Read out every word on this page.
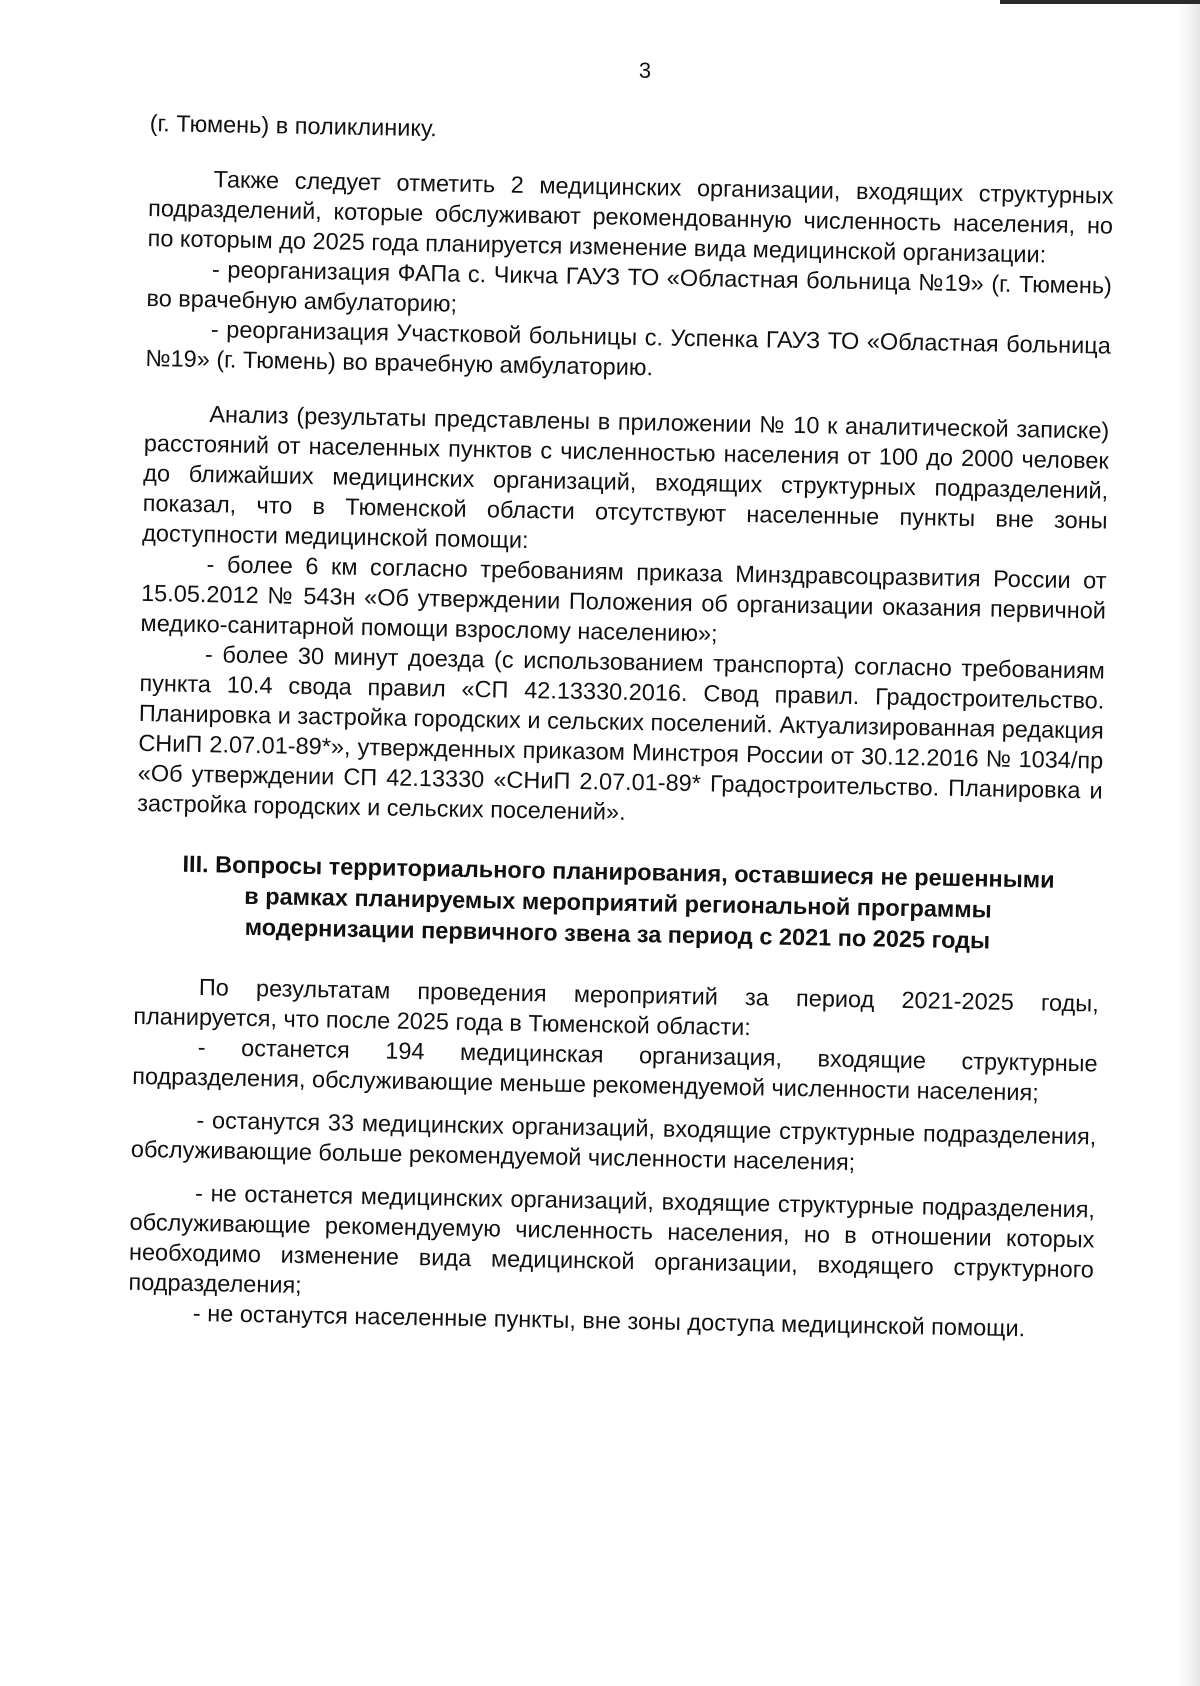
3

(г. Тюмень) в поликлинику.

Также следует отметить 2 медицинских организации, входящих структурных подразделений, которые обслуживают рекомендованную численность населения, но по которым до 2025 года планируется изменение вида медицинской организации:

- реорганизация ФАПа с. Чикча ГАУЗ ТО «Областная больница №19» (г. Тюмень) во врачебную амбулаторию;

- реорганизация Участковой больницы с. Успенка ГАУЗ ТО «Областная больница №19» (г. Тюмень) во врачебную амбулаторию.

Анализ (результаты представлены в приложении № 10 к аналитической записке) расстояний от населенных пунктов с численностью населения от 100 до 2000 человек до ближайших медицинских организаций, входящих структурных подразделений, показал, что в Тюменской области отсутствуют населенные пункты вне зоны доступности медицинской помощи:

- более 6 км согласно требованиям приказа Минздравсоцразвития России от 15.05.2012 № 543н «Об утверждении Положения об организации оказания первичной медико-санитарной помощи взрослому населению»;

- более 30 минут доезда (с использованием транспорта) согласно требованиям пункта 10.4 свода правил «СП 42.13330.2016. Свод правил. Градостроительство. Планировка и застройка городских и сельских поселений. Актуализированная редакция СНиП 2.07.01-89*», утвержденных приказом Минстроя России от 30.12.2016 № 1034/пр «Об утверждении СП 42.13330 «СНиП 2.07.01-89* Градостроительство. Планировка и застройка городских и сельских поселений».

III. Вопросы территориального планирования, оставшиеся не решенными в рамках планируемых мероприятий региональной программы модернизации первичного звена за период с 2021 по 2025 годы

По результатам проведения мероприятий за период 2021-2025 годы, планируется, что после 2025 года в Тюменской области:

- останется 194 медицинская организация, входящие структурные подразделения, обслуживающие меньше рекомендуемой численности населения;

- останутся 33 медицинских организаций, входящие структурные подразделения, обслуживающие больше рекомендуемой численности населения;

- не останется медицинских организаций, входящие структурные подразделения, обслуживающие рекомендуемую численность населения, но в отношении которых необходимо изменение вида медицинской организации, входящего структурного подразделения;

- не останутся населенные пункты, вне зоны доступа медицинской помощи.
